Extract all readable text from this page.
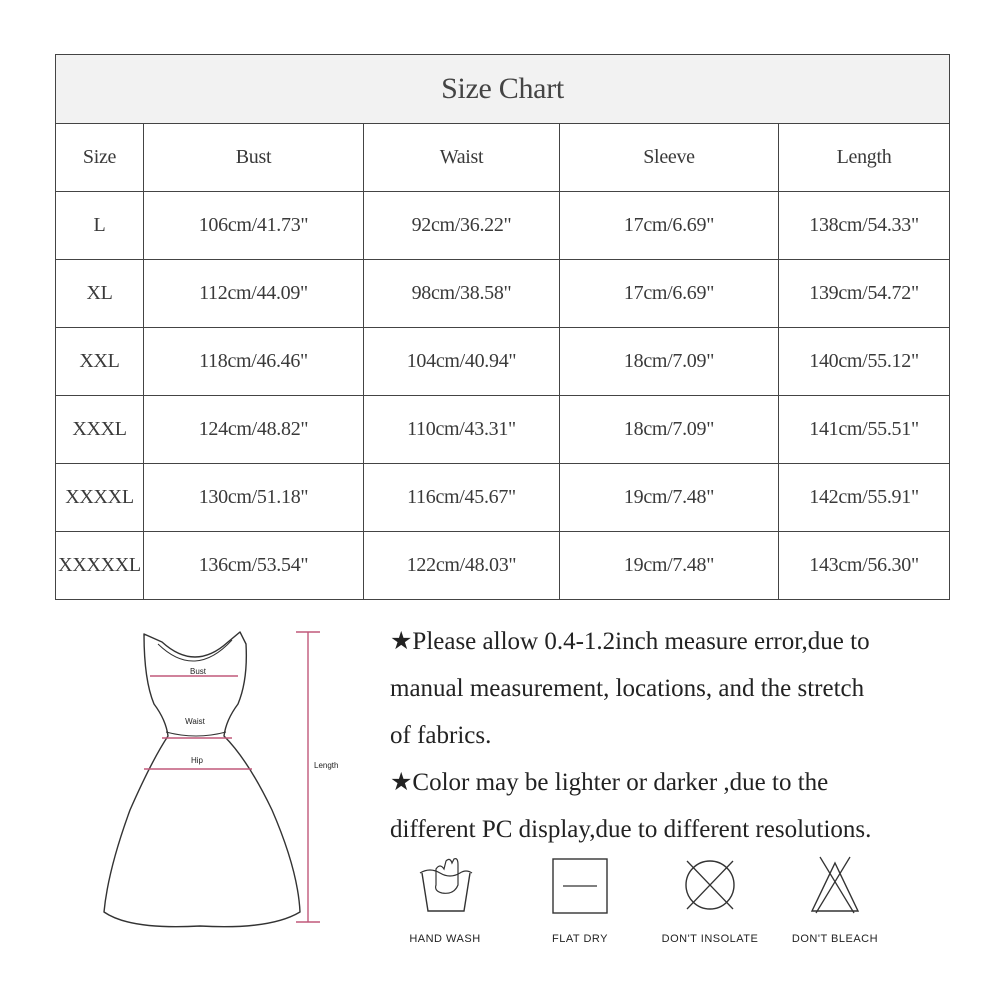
Size Chart				
Size	Bust	Waist	Sleeve	Length
L	106cm/41.73"	92cm/36.22"	17cm/6.69"	138cm/54.33"
XL	112cm/44.09"	98cm/38.58"	17cm/6.69"	139cm/54.72"
XXL	118cm/46.46"	104cm/40.94"	18cm/7.09"	140cm/55.12"
XXXL	124cm/48.82"	110cm/43.31"	18cm/7.09"	141cm/55.51"
XXXXL	130cm/51.18"	116cm/45.67"	19cm/7.48"	142cm/55.91"
XXXXXL	136cm/53.54"	122cm/48.03"	19cm/7.48"	143cm/56.30"
Bust
Waist
Hip
Length

★Please allow 0.4-1.2inch measure error,due to

manual measurement, locations, and the stretch

of fabrics.

★Color may be lighter or darker ,due to the

different PC display,due to different resolutions.

HAND WASH	FLAT DRY	DON'T INSOLATE	DON'T BLEACH
